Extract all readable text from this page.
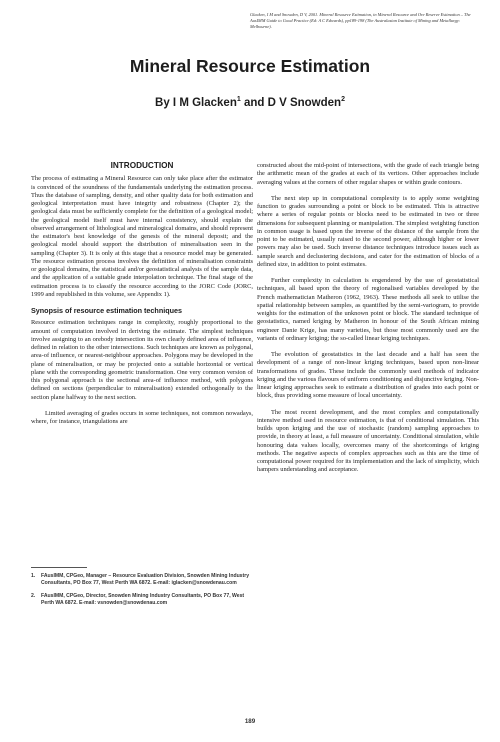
Glacken, I M and Snowden, D V, 2001. Mineral Resource Estimation, in Mineral Resource and Ore Reserve Estimation – The AusIMM Guide to Good Practice (Ed: A C Edwards), pp189-198 (The Australasian Institute of Mining and Metallurgy: Melbourne).
Mineral Resource Estimation
By I M Glacken$^1$ and D V Snowden$^2$
INTRODUCTION

The process of estimating a Mineral Resource can only take place after the estimator is convinced of the soundness of the fundamentals underlying the estimation process. Thus the database of sampling, density, and other quality data for both estimation and geological interpretation must have integrity and robustness (Chapter 2); the geological data must be sufficiently complete for the definition of a geological model; the geological model itself must have internal consistency, should explain the observed arrangement of lithological and mineralogical domains, and should represent the estimator's best knowledge of the genesis of the mineral deposit; and the geological model should support the distribution of mineralisation seen in the sampling (Chapter 3). It is only at this stage that a resource model may be generated. The resource estimation process involves the definition of mineralisation constraints or geological domains, the statistical and/or geostatistical analysis of the sample data, and the application of a suitable grade interpolation technique. The final stage of the estimation process is to classify the resource according to the JORC Code (JORC, 1999 and republished in this volume, see Appendix 1).

Synopsis of resource estimation techniques

Resource estimation techniques range in complexity, roughly proportional to the amount of computation involved in deriving the estimate. The simplest techniques involve assigning to an orebody intersection its own clearly defined area of influence, defined in relation to the other intersections. Such techniques are known as polygonal, area-of influence, or nearest-neighbour approaches. Polygons may be developed in the plane of mineralisation, or may be projected onto a suitable horizontal or vertical plane with the corresponding geometric transformation. One very common version of this polygonal approach is the sectional area-of influence method, with polygons defined on sections (perpendicular to mineralisation) extended orthogonally to the section plane halfway to the next section.

Limited averaging of grades occurs in some techniques, not common nowadays, where, for instance, triangulations are

constructed about the mid-point of intersections, with the grade of each triangle being the arithmetic mean of the grades at each of its vertices. Other approaches include averaging values at the corners of other regular shapes or within grade contours.

The next step up in computational complexity is to apply some weighting function to grades surrounding a point or block to be estimated. This is attractive where a series of regular points or blocks need to be estimated in two or three dimensions for subsequent planning or manipulation. The simplest weighting function in common usage is based upon the inverse of the distance of the sample from the point to be estimated, usually raised to the second power, although higher or lower powers may also be used. Such inverse distance techniques introduce issues such as sample search and declustering decisions, and cater for the estimation of blocks of a defined size, in addition to point estimates.

Further complexity in calculation is engendered by the use of geostatistical techniques, all based upon the theory of regionalised variables developed by the French mathematician Matheron (1962, 1963). These methods all seek to utilise the spatial relationship between samples, as quantified by the semi-variogram, to provide weights for the estimation of the unknown point or block. The standard technique of geostatistics, named kriging by Matheron in honour of the South African mining engineer Danie Krige, has many varieties, but those most commonly used are the variants of ordinary kriging; the so-called linear kriging techniques.

The evolution of geostatistics in the last decade and a half has seen the development of a range of non-linear kriging techniques, based upon non-linear transformations of grades. These include the commonly used methods of indicator kriging and the various flavours of uniform conditioning and disjunctive kriging. Non-linear kriging approaches seek to estimate a distribution of grades into each point or block, thus providing some measure of local uncertainty.

The most recent development, and the most complex and computationally intensive method used in resource estimation, is that of conditional simulation. This builds upon kriging and the use of stochastic (random) sampling approaches to provide, in theory at least, a full measure of uncertainty. Conditional simulation, while honouring data values locally, overcomes many of the shortcomings of kriging methods. The negative aspects of complex approaches such as this are the time of computational power required for its implementation and the lack of simplicity, which hampers understanding and acceptance.

1.	FAusIMM, CPGeo, Manager – Resource Evaluation Division, Snowden Mining Industry Consultants, PO Box 77, West Perth WA 6872. E-mail: iglacken@snowdenau.com
2.	FAusIMM, CPGeo, Director, Snowden Mining Industry Consultants, PO Box 77, West Perth WA 6872. E-mail: vsnowden@snowdenau.com
189
